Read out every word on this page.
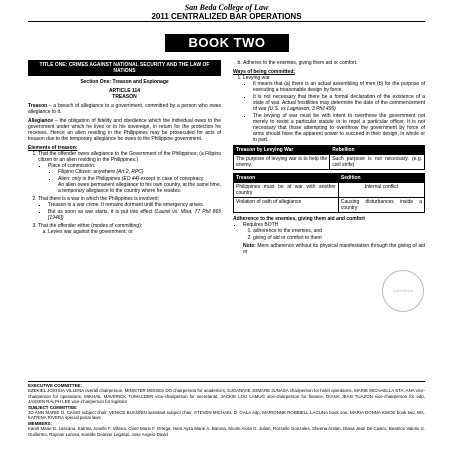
San Beda College of Law
2011 CENTRALIZED BAR OPERATIONS
BOOK TWO
TITLE ONE: CRIMES AGAINST NATIONAL SECURITY AND THE LAW OF NATIONS

Section One: Treason and Espionage

ARTICLE 114

TREASON

Treason – a breach of allegiance to a government, committed by a person who owes allegiance to it.

Allegiance – the obligation of fidelity and obedience which the individual owes to the government under which he lives or to his sovereign, in return for the protection he receives. Hence an alien residing in the Philippines may be prosecuted for acts of treason due to the temporary allegiance he owes to the Philippine government.

Elements of treason:
1. That the offender owes allegiance to the Government of the Philippines; (a Filipino citizen or an alien residing in the Philippines.)
▪ Place of commission:
▪ Filipino Citizen: anywhere (Art.2, RPC)
▪ Alien: only in the Philippines (EO 44) except in case of conspiracy
An alien owes permanent allegiance to his own country, at the same time, a temporary allegiance to the country where he resides.
2. That there is a war in which the Philippines is involved;
▪ Treason is a war crime. It remains dormant until the emergency arises.
▪ But as soon as war starts, it is put into effect (Laurel vs. Misa, 77 Phil 865 [1946])
3. That the offender either (modes of committing):
a. Levies war against the government; or
b. Adheres to the enemies, giving them aid or comfort.
Ways of being committed:
1. Levying war
▪ It means that (a) there is an actual assembling of men (b) for the purpose of executing a treasonable design by force.
▪ It is not necessary that there be a formal declaration of the existence of a state of war. Actual hostilities may determine the date of the commencement of war (U.S. vs Lagnason, 3 Phil 495)
▪ The levying of war must be with intent to overthrow the government not merely to resist a particular statute or to repel a particular officer. It is not necessary that those attempting to overthrow the government by force of arms should have the apparent power to succeed in their design, in whole or in part.
Treason by Levying War	Rebellion
The purpose of levying war is to help the enemy.	Such purpose is not necessary. (e.g. civil strife)
Treason	Sedition
Philippines must be at war with another country	Internal conflict
Violation of oath of allegiance	Causing disturbances inside a country
Adherence to the enemies, giving them aid and comfort
▪ Requires BOTH
1. adherence to the enemies, and
2. giving of aid or comfort to them
Note: Mere adherence without its physical manifestation through the giving of aid or
SAN BEDA
EXECUTIVE COMMITTEE:
EZEKIEL JOSHUA VILLENA overall chairperson, MINISTER MOISES DO chairperson for academics, DJOANIVIE JOMARE JUNASA chairperson for hotel operations, MARIE MICHAELLA STA. ANA vice-chairperson for operations, MIKHAIL MAVERICK TUMACDER vice-chairperson for secretariat, JACKIE LOU LAMUG vice-chairperson for finance, DIANA JEAN TUAZON vice-chairperson for edp, JASSEN RALPH LEE vice-chairperson for logistics
SUBJECT COMMITTEE:
JO ANN MARIE O. CASIO subject chair, VENICE BUAGÑIN assistant subject chair, STEVEN MICHAEL D. GALA edp, MARIONNE ROBBIELL LAGUNA book one, MARIA DONNA KWOK book two, MA. KATRINA RIVERA special penal laws
MEMBERS:
Karell Marie G. Lascano, Katrina Jonelle F. Villena, Clare Marie F. Ortega, Hera Ayza Marie A. Barona, Nicole Alora G. Julian, Rozcelle Gonzales, Sheena Antian, Diana Jean De Castro, Beatrice Valerie S. Guillermo, Raynan Larosa, Kamille Deanne Legaspi, Jose Angelo David
